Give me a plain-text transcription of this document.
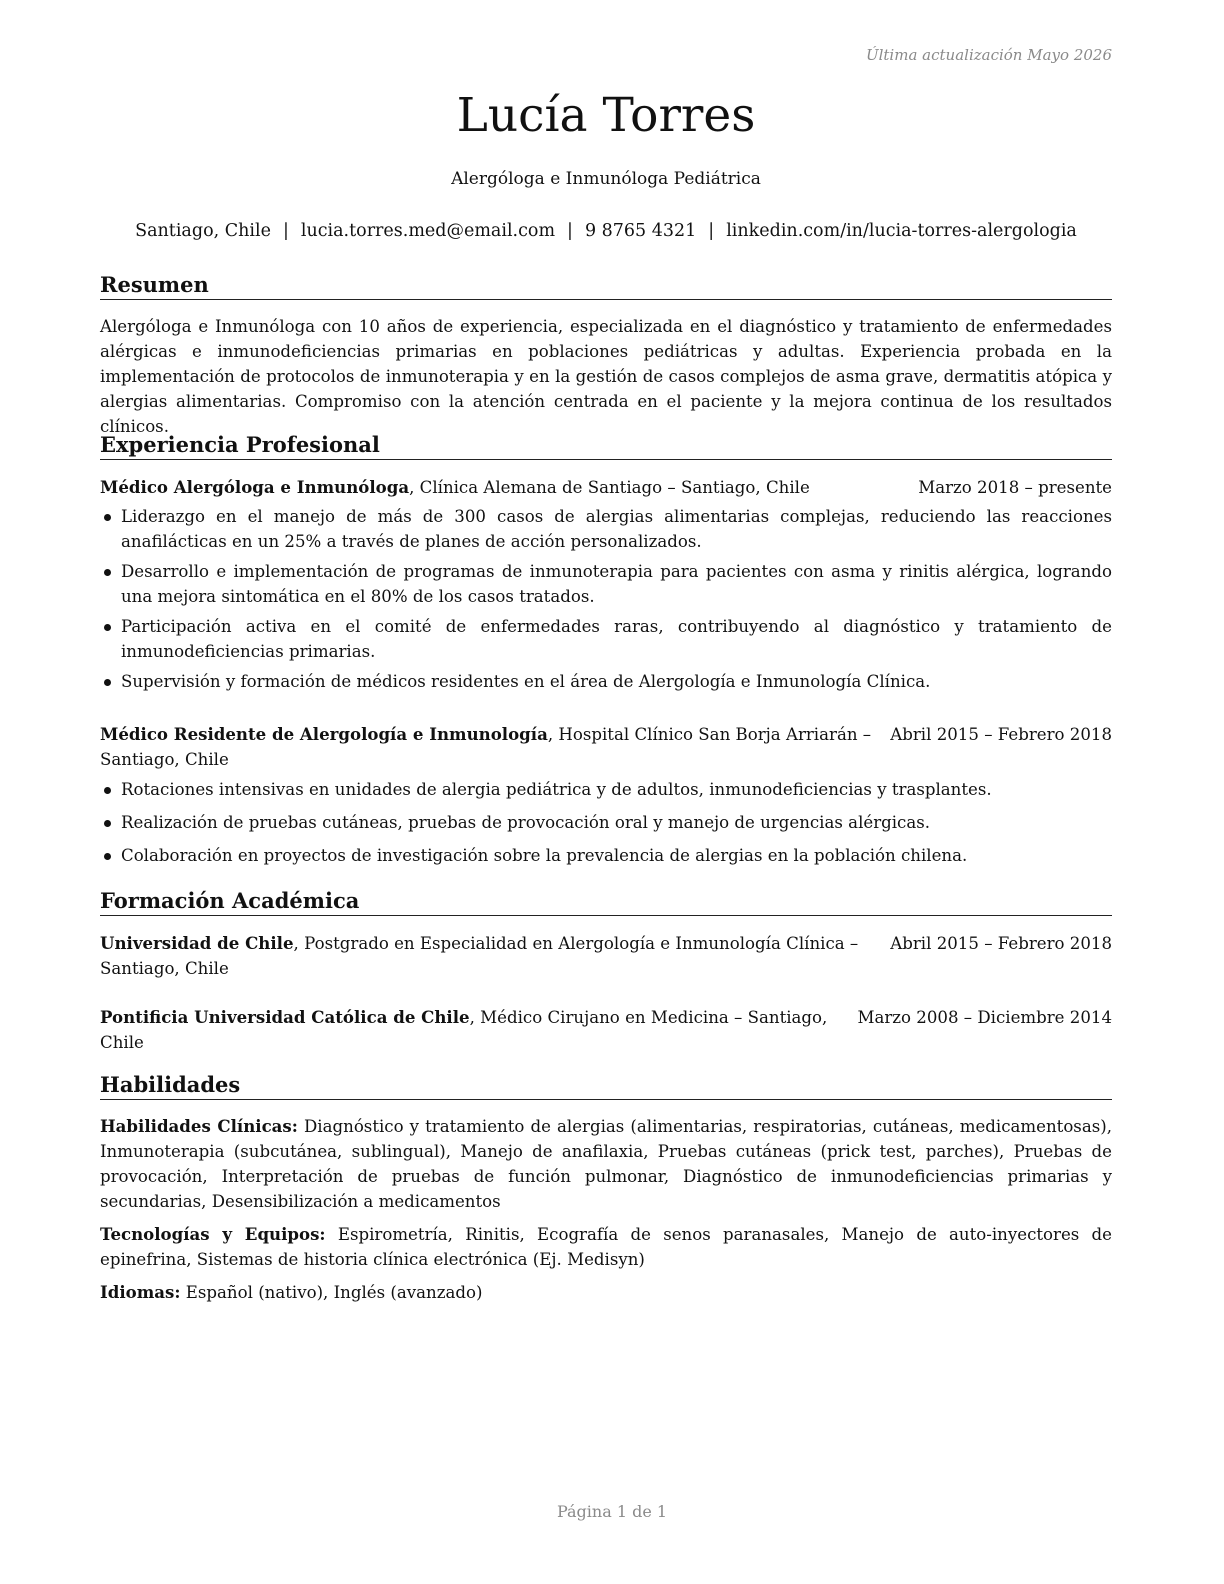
Última actualización Mayo 2026
Lucía Torres
Alergóloga e Inmunóloga Pediátrica
Santiago, Chile | lucia.torres.med@email.com | 9 8765 4321 | linkedin.com/in/lucia-torres-alergologia
Resumen

Alergóloga e Inmunóloga con 10 años de experiencia, especializada en el diagnóstico y tratamiento de enfermedades alérgicas e inmunodeficiencias primarias en poblaciones pediátricas y adultas. Experiencia probada en la implementación de protocolos de inmunoterapia y en la gestión de casos complejos de asma grave, dermatitis atópica y alergias alimentarias. Compromiso con la atención centrada en el paciente y la mejora continua de los resultados clínicos.

Experiencia Profesional
Médico Alergóloga e Inmunóloga, Clínica Alemana de Santiago – Santiago, Chile	Marzo 2018 – presente
Liderazgo en el manejo de más de 300 casos de alergias alimentarias complejas, reduciendo las reacciones anafilácticas en un 25% a través de planes de acción personalizados.
Desarrollo e implementación de programas de inmunoterapia para pacientes con asma y rinitis alérgica, logrando una mejora sintomática en el 80% de los casos tratados.
Participación activa en el comité de enfermedades raras, contribuyendo al diagnóstico y tratamiento de inmunodeficiencias primarias.
Supervisión y formación de médicos residentes en el área de Alergología e Inmunología Clínica.
Médico Residente de Alergología e Inmunología, Hospital Clínico San Borja Arriarán – Santiago, Chile
Abril 2015 – Febrero 2018
Rotaciones intensivas en unidades de alergia pediátrica y de adultos, inmunodeficiencias y trasplantes.
Realización de pruebas cutáneas, pruebas de provocación oral y manejo de urgencias alérgicas.
Colaboración en proyectos de investigación sobre la prevalencia de alergias en la población chilena.
Formación Académica
Universidad de Chile, Postgrado en Especialidad en Alergología e Inmunología Clínica – Santiago, Chile
Abril 2015 – Febrero 2018
Pontificia Universidad Católica de Chile, Médico Cirujano en Medicina – Santiago, Chile
Marzo 2008 – Diciembre 2014
Habilidades

Habilidades Clínicas: Diagnóstico y tratamiento de alergias (alimentarias, respiratorias, cutáneas, medicamentosas), Inmunoterapia (subcutánea, sublingual), Manejo de anafilaxia, Pruebas cutáneas (prick test, parches), Pruebas de provocación, Interpretación de pruebas de función pulmonar, Diagnóstico de inmunodeficiencias primarias y secundarias, Desensibilización a medicamentos

Tecnologías y Equipos: Espirometría, Rinitis, Ecografía de senos paranasales, Manejo de auto-inyectores de epinefrina, Sistemas de historia clínica electrónica (Ej. Medisyn)

Idiomas: Español (nativo), Inglés (avanzado)

Página 1 de 1
